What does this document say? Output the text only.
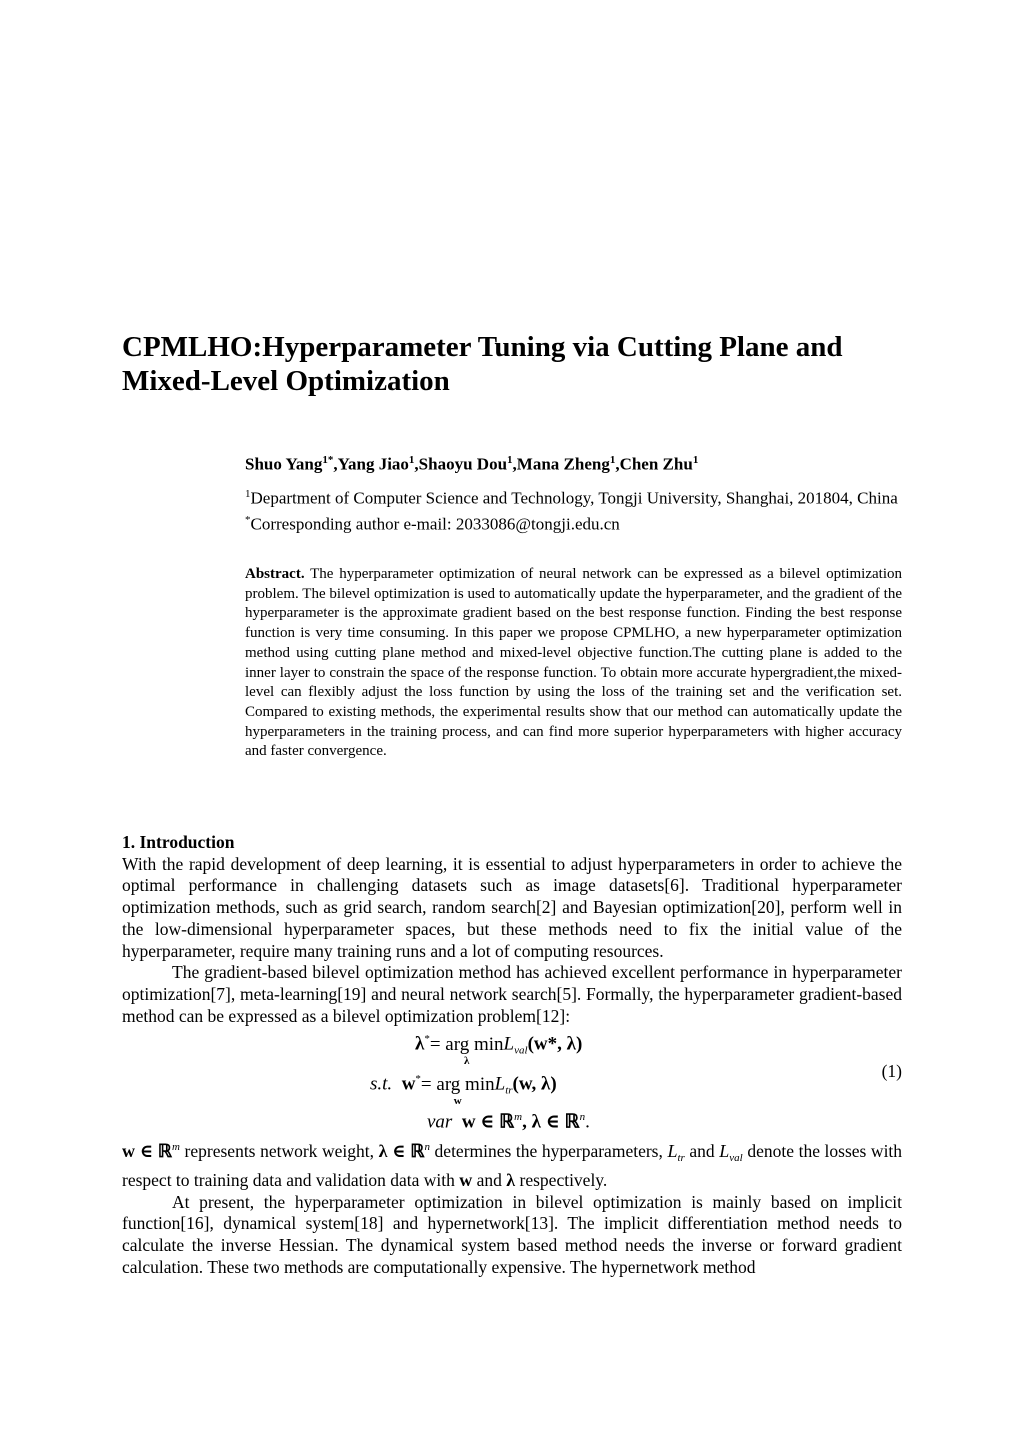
CPMLHO:Hyperparameter Tuning via Cutting Plane and
Mixed-Level Optimization

Shuo Yang$^{1*}$,Yang Jiao$^1$,Shaoyu Dou$^1$,Mana Zheng$^1$,Chen Zhu$^1$

$^1$Department of Computer Science and Technology, Tongji University, Shanghai, 201804, China

*Corresponding author e-mail: 2033086@tongji.edu.cn

Abstract. The hyperparameter optimization of neural network can be expressed as a bilevel optimization problem. The bilevel optimization is used to automatically update the hyperparameter, and the gradient of the hyperparameter is the approximate gradient based on the best response function. Finding the best response function is very time consuming. In this paper we propose CPMLHO, a new hyperparameter optimization method using cutting plane method and mixed-level objective function.The cutting plane is added to the inner layer to constrain the space of the response function. To obtain more accurate hypergradient,the mixed-level can flexibly adjust the loss function by using the loss of the training set and the verification set. Compared to existing methods, the experimental results show that our method can automatically update the hyperparameters in the training process, and can find more superior hyperparameters with higher accuracy and faster convergence.

1. Introduction

With the rapid development of deep learning, it is essential to adjust hyperparameters in order to achieve the optimal performance in challenging datasets such as image datasets[6]. Traditional hyperparameter optimization methods, such as grid search, random search[2] and Bayesian optimization[20], perform well in the low-dimensional hyperparameter spaces, but these methods need to fix the initial value of the hyperparameter, require many training runs and a lot of computing resources.

The gradient-based bilevel optimization method has achieved excellent performance in hyperparameter optimization[7], meta-learning[19] and neural network search[5]. Formally, the hyperparameter gradient-based method can be expressed as a bilevel optimization problem[12]:

λ*= arg min
λ
$L_{val}(w*$, λ)
s.t. w*= arg min
w
$L_{tr}(w$, λ)
var w ∈ ℝ$^m$, λ ∈ ℝ$^n$.
(1)

w ∈ ℝ$^m$ represents network weight, λ ∈ ℝ$^n$ determines the hyperparameters, $L_{tr}$ and $L_{val}$ denote the losses with respect to training data and validation data with w and λ respectively.

At present, the hyperparameter optimization in bilevel optimization is mainly based on implicit function[16], dynamical system[18] and hypernetwork[13]. The implicit differentiation method needs to calculate the inverse Hessian. The dynamical system based method needs the inverse or forward gradient calculation. These two methods are computationally expensive. The hypernetwork method
